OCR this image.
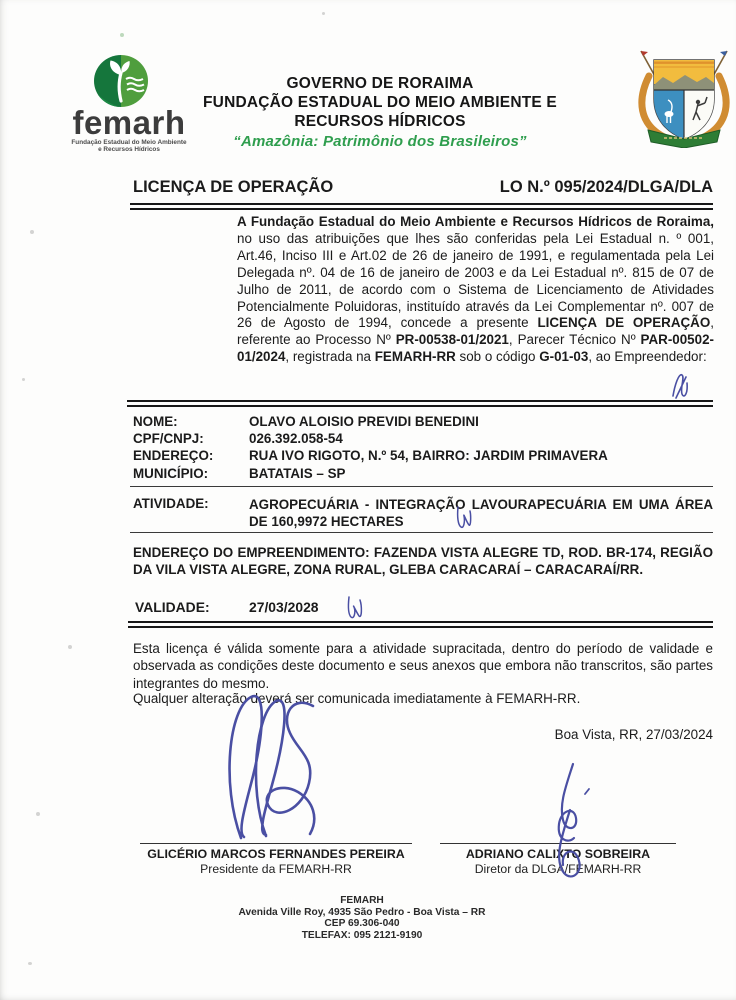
femarh
Fundação Estadual do Meio Ambiente
e Recursos Hídricos
GOVERNO DE RORAIMA
FUNDAÇÃO ESTADUAL DO MEIO AMBIENTE E
RECURSOS HÍDRICOS
“Amazônia: Patrimônio dos Brasileiros”
LICENÇA DE OPERAÇÃO	LO N.º 095/2024/DLGA/DLA

A Fundação Estadual do Meio Ambiente e Recursos Hídricos de Roraima, no uso das atribuições que lhes são conferidas pela Lei Estadual n. º 001, Art.46, Inciso III e Art.02 de 26 de janeiro de 1991, e regulamentada pela Lei Delegada nº. 04 de 16 de janeiro de 2003 e da Lei Estadual nº. 815 de 07 de Julho de 2011, de acordo com o Sistema de Licenciamento de Atividades Potencialmente Poluidoras, instituído através da Lei Complementar nº. 007 de 26 de Agosto de 1994, concede a presente LICENÇA DE OPERAÇÃO, referente ao Processo Nº PR-00538-01/2021, Parecer Técnico Nº PAR-00502-01/2024, registrada na FEMARH-RR sob o código G-01-03, ao Empreendedor:

NOME:	OLAVO ALOISIO PREVIDI BENEDINI
CPF/CNPJ:	026.392.058-54
ENDEREÇO:	RUA IVO RIGOTO, N.º 54, BAIRRO: JARDIM PRIMAVERA
MUNICÍPIO:	BATATAIS – SP
ATIVIDADE:	AGROPECUÁRIA - INTEGRAÇÃO LAVOURAPECUÁRIA EM UMA ÁREA DE 160,9972 HECTARES

ENDEREÇO DO EMPREENDIMENTO: FAZENDA VISTA ALEGRE TD, ROD. BR-174, REGIÃO DA VILA VISTA ALEGRE, ZONA RURAL, GLEBA CARACARAÍ – CARACARAÍ/RR.

VALIDADE:	27/03/2028

Esta licença é válida somente para a atividade supracitada, dentro do período de validade e observada as condições deste documento e seus anexos que embora não transcritos, são partes integrantes do mesmo.

Qualquer alteração deverá ser comunicada imediatamente à FEMARH-RR.

Boa Vista, RR, 27/03/2024
GLICÉRIO MARCOS FERNANDES PEREIRA
Presidente da FEMARH-RR
ADRIANO CALIXTO SOBREIRA
Diretor da DLGA/FEMARH-RR
FEMARH
Avenida Ville Roy, 4935 São Pedro - Boa Vista – RR
CEP 69.306-040
TELEFAX: 095 2121-9190
